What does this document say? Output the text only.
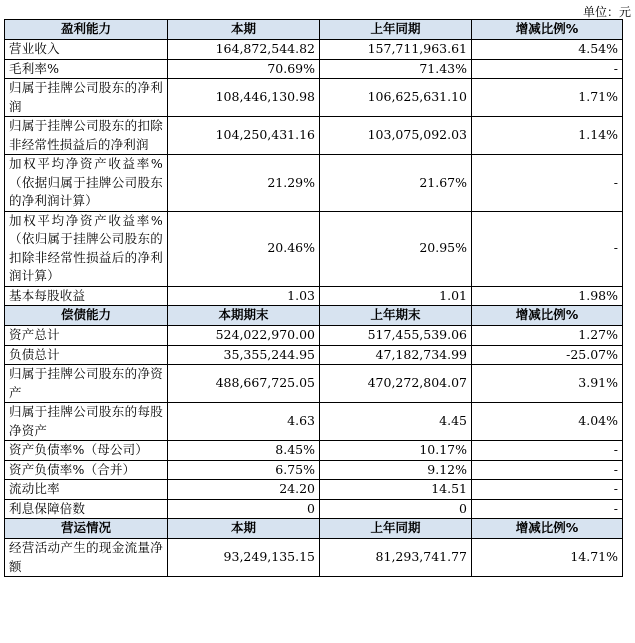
单位：元
盈利能力	本期	上年同期	增减比例%
营业收入	164,872,544.82	157,711,963.61	4.54%
毛利率%	70.69%	71.43%	-
归属于挂牌公司股东的净利润	108,446,130.98	106,625,631.10	1.71%
归属于挂牌公司股东的扣除非经常性损益后的净利润	104,250,431.16	103,075,092.03	1.14%
加权平均净资产收益率%（依据归属于挂牌公司股东的净利润计算）	21.29%	21.67%	-
加权平均净资产收益率%（依归属于挂牌公司股东的扣除非经常性损益后的净利润计算）	20.46%	20.95%	-
基本每股收益	1.03	1.01	1.98%
偿债能力	本期期末	上年期末	增减比例%
资产总计	524,022,970.00	517,455,539.06	1.27%
负债总计	35,355,244.95	47,182,734.99	-25.07%
归属于挂牌公司股东的净资产	488,667,725.05	470,272,804.07	3.91%
归属于挂牌公司股东的每股净资产	4.63	4.45	4.04%
资产负债率%（母公司）	8.45%	10.17%	-
资产负债率%（合并）	6.75%	9.12%	-
流动比率	24.20	14.51	-
利息保障倍数	0	0	-
营运情况	本期	上年同期	增减比例%
经营活动产生的现金流量净额	93,249,135.15	81,293,741.77	14.71%
